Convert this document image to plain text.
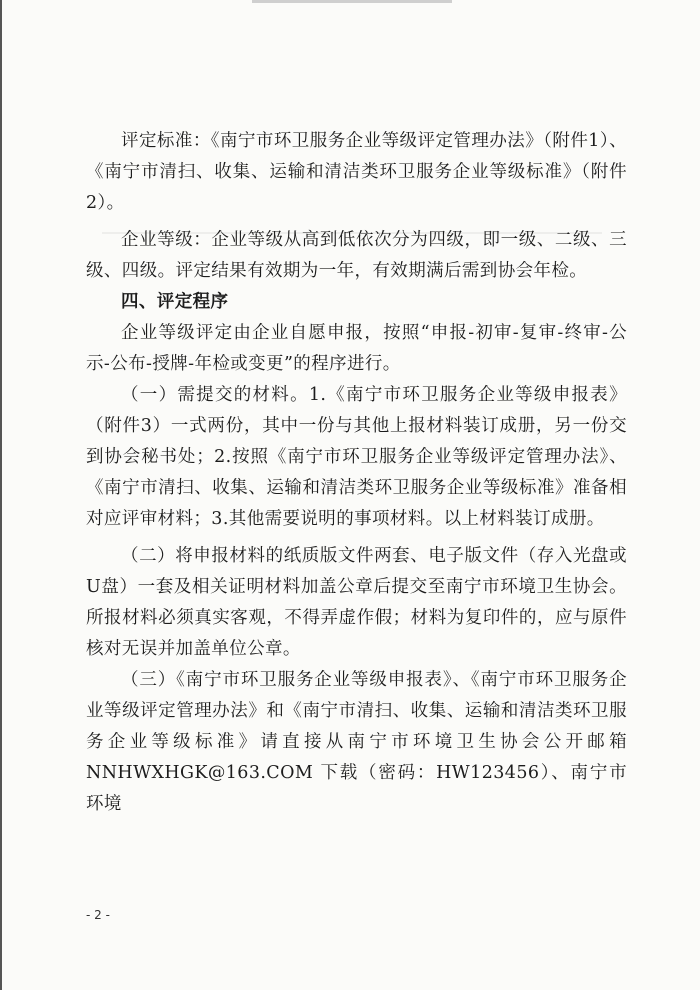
评定标准：《南宁市环卫服务企业等级评定管理办法》（附件1）、《南宁市清扫、收集、运输和清洁类环卫服务企业等级标准》（附件2）。

企业等级：企业等级从高到低依次分为四级，即一级、二级、三级、四级。评定结果有效期为一年，有效期满后需到协会年检。

四、评定程序

企业等级评定由企业自愿申报，按照“申报-初审-复审-终审-公示-公布-授牌-年检或变更”的程序进行。

（一）需提交的材料。1.《南宁市环卫服务企业等级申报表》（附件3）一式两份，其中一份与其他上报材料装订成册，另一份交到协会秘书处；2.按照《南宁市环卫服务企业等级评定管理办法》、《南宁市清扫、收集、运输和清洁类环卫服务企业等级标准》准备相对应评审材料；3.其他需要说明的事项材料。以上材料装订成册。

（二）将申报材料的纸质版文件两套、电子版文件（存入光盘或U盘）一套及相关证明材料加盖公章后提交至南宁市环境卫生协会。所报材料必须真实客观，不得弄虚作假；材料为复印件的，应与原件核对无误并加盖单位公章。

（三）《南宁市环卫服务企业等级申报表》、《南宁市环卫服务企业等级评定管理办法》和《南宁市清扫、收集、运输和清洁类环卫服务企业等级标准》请直接从南宁市环境卫生协会公开邮箱 NNHWXHGK@163.COM 下载（密码：HW123456）、南宁市环境

- 2 -
